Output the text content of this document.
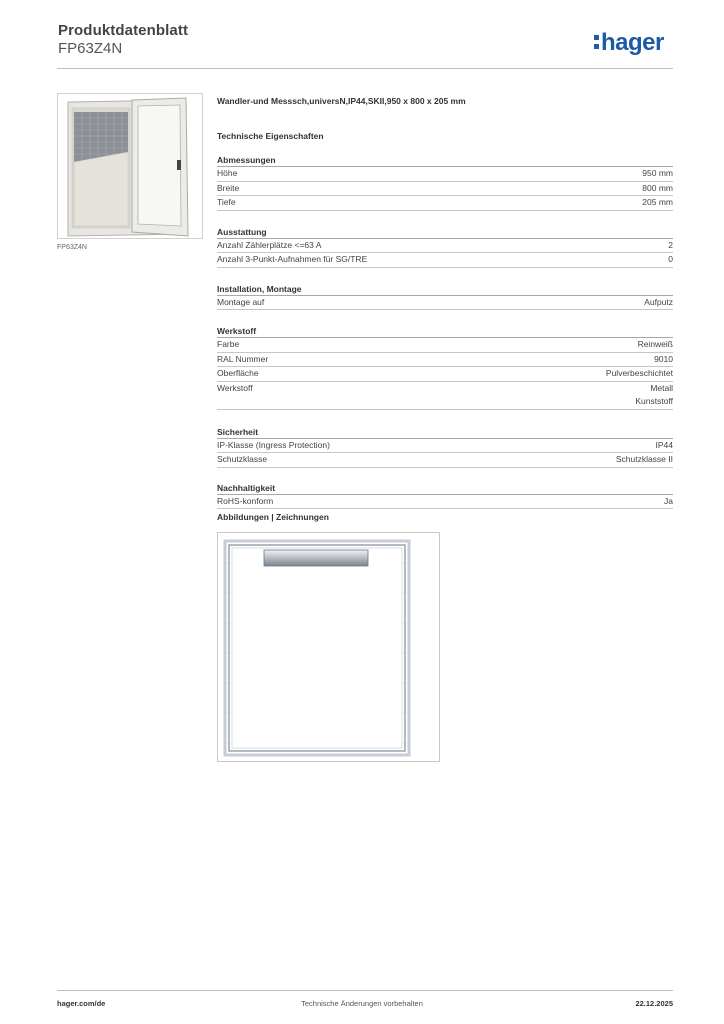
Produktdatenblatt
FP63Z4N	hager
FP63Z4N
Wandler-und Messsch,universN,IP44,SKII,950 x 800 x 205 mm
Technische Eigenschaften
Abmessungen
Höhe	950 mm
Breite	800 mm
Tiefe	205 mm
Ausstattung
Anzahl Zählerplätze <=63 A	2
Anzahl 3-Punkt-Aufnahmen für SG/TRE	0
Installation, Montage
Montage auf	Aufputz
Werkstoff
Farbe	Reinweiß
RAL Nummer	9010
Oberfläche	Pulverbeschichtet
Werkstoff	Metall
Kunststoff
Sicherheit
IP-Klasse (Ingress Protection)	IP44
Schutzklasse	Schutzklasse II
Nachhaltigkeit
RoHS-konform	Ja
Abbildungen | Zeichnungen
hager.com/de	Technische Änderungen vorbehalten	22.12.2025
